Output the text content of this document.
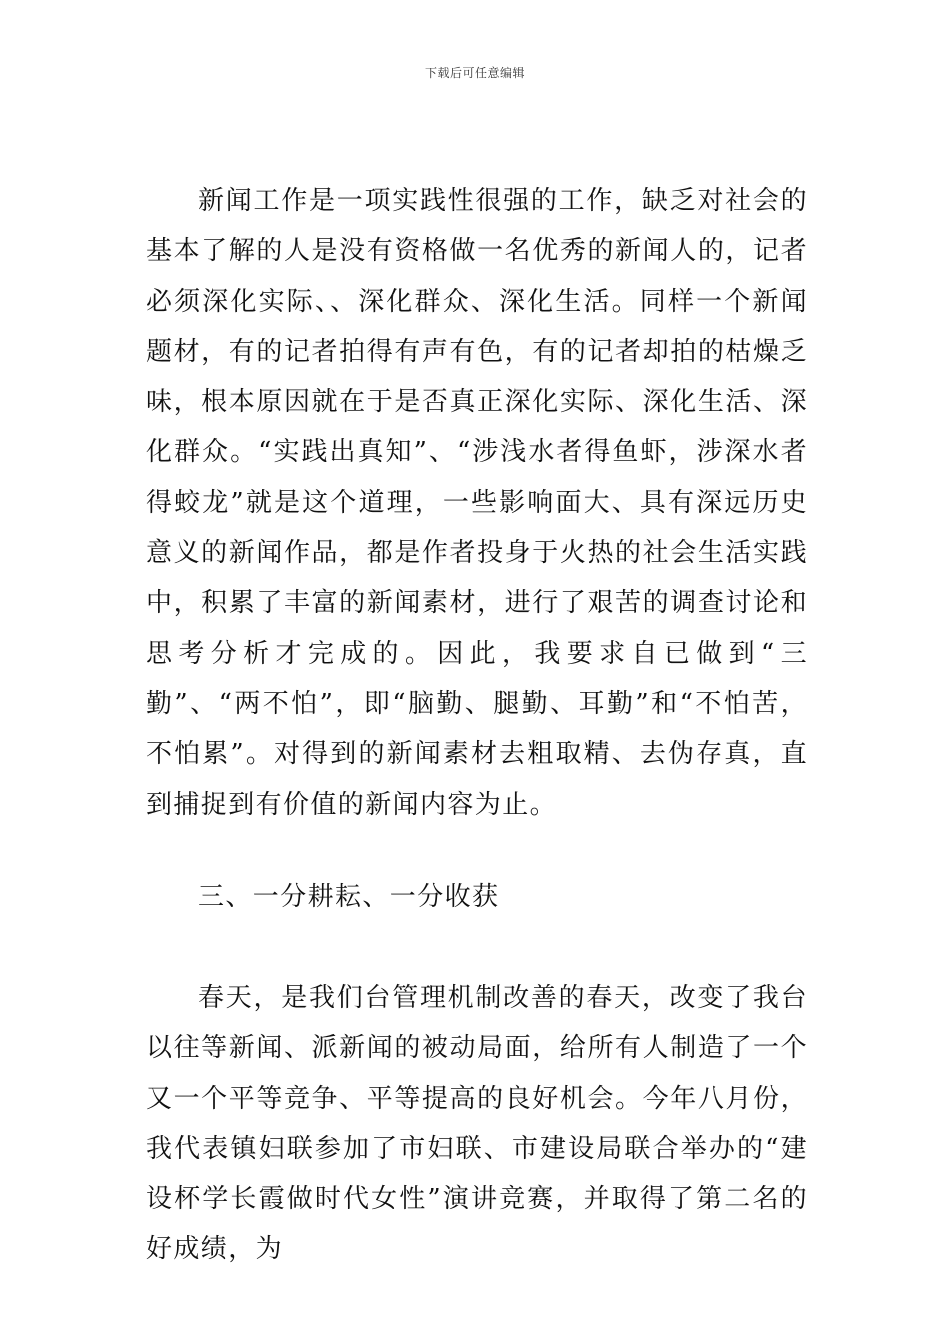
下载后可任意编辑

新闻工作是一项实践性很强的工作，缺乏对社会的基本了解的人是没有资格做一名优秀的新闻人的，记者必须深化实际、、深化群众、深化生活。同样一个新闻题材，有的记者拍得有声有色，有的记者却拍的枯燥乏味，根本原因就在于是否真正深化实际、深化生活、深化群众。“实践出真知”、“涉浅水者得鱼虾，涉深水者得蛟龙”就是这个道理，一些影响面大、具有深远历史意义的新闻作品，都是作者投身于火热的社会生活实践中，积累了丰富的新闻素材，进行了艰苦的调查讨论和思考分析才完成的。因此，我要求自已做到“三勤”、“两不怕”，即“脑勤、腿勤、耳勤”和“不怕苦，不怕累”。对得到的新闻素材去粗取精、去伪存真，直到捕捉到有价值的新闻内容为止。

三、一分耕耘、一分收获

春天，是我们台管理机制改善的春天，改变了我台以往等新闻、派新闻的被动局面，给所有人制造了一个又一个平等竞争、平等提高的良好机会。今年八月份，我代表镇妇联参加了市妇联、市建设局联合举办的“建设杯学长霞做时代女性”演讲竞赛，并取得了第二名的好成绩，为
